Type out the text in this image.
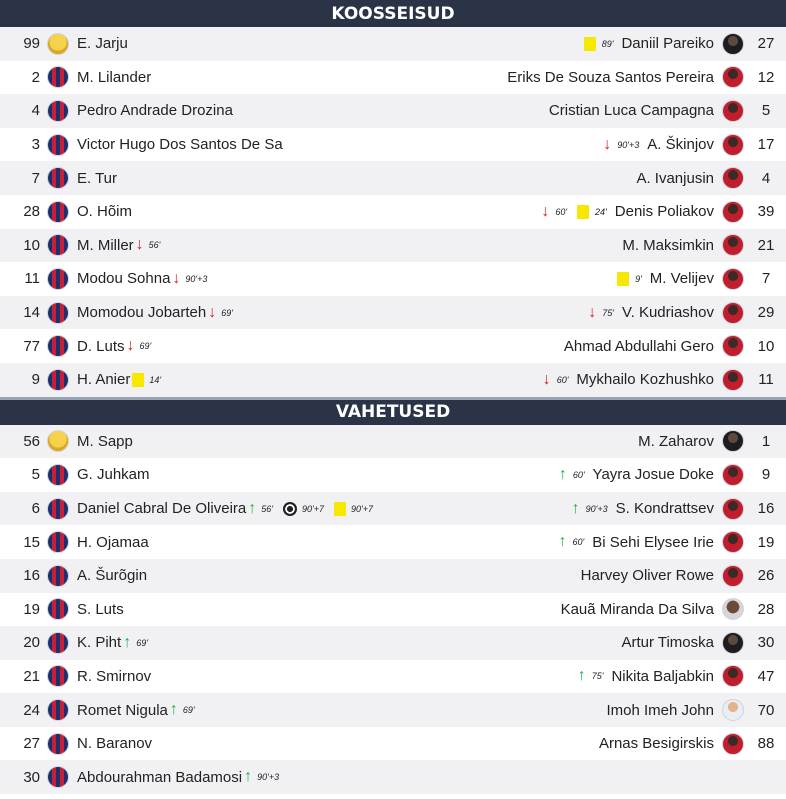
KOOSSEISUD
99 E. Jarju	89' Daniil Pareiko	27
2 M. Lilander	Eriks De Souza Santos Pereira	12
4 Pedro Andrade Drozina	Cristian Luca Campagna	5
3 Victor Hugo Dos Santos De Sa	↓ 90'+3 A. Škinjov	17
7 E. Tur	A. Ivanjusin	4
28 O. Hõim	↓ 60'	24' Denis Poliakov	39
10 M. Miller ↓ 56'	M. Maksimkin	21
11 Modou Sohna ↓ 90'+3	9' M. Velijev	7
14 Momodou Jobarteh ↓ 69'	↓ 75' V. Kudriashov	29
77 D. Luts ↓ 69'	Ahmad Abdullahi Gero	10
9 H. Anier 14'	↓ 60' Mykhailo Kozhushko	11
VAHETUSED
56 M. Sapp	M. Zaharov	1
5 G. Juhkam	↑ 60' Yayra Josue Doke	9
6 Daniel Cabral De Oliveira ↑ 56'	90'+7	90'+7	↑ 90'+3 S. Kondrattsev	16
15 H. Ojamaa	↑ 60' Bi Sehi Elysee Irie	19
16 A. Šurõgin	Harvey Oliver Rowe	26
19 S. Luts	Kauã Miranda Da Silva	28
20 K. Piht ↑ 69'	Artur Timoska	30
21 R. Smirnov	↑ 75' Nikita Baljabkin	47
24 Romet Nigula ↑ 69'	Imoh Imeh John	70
27 N. Baranov	Arnas Besigirskis	88
30 Abdourahman Badamosi ↑ 90'+3
